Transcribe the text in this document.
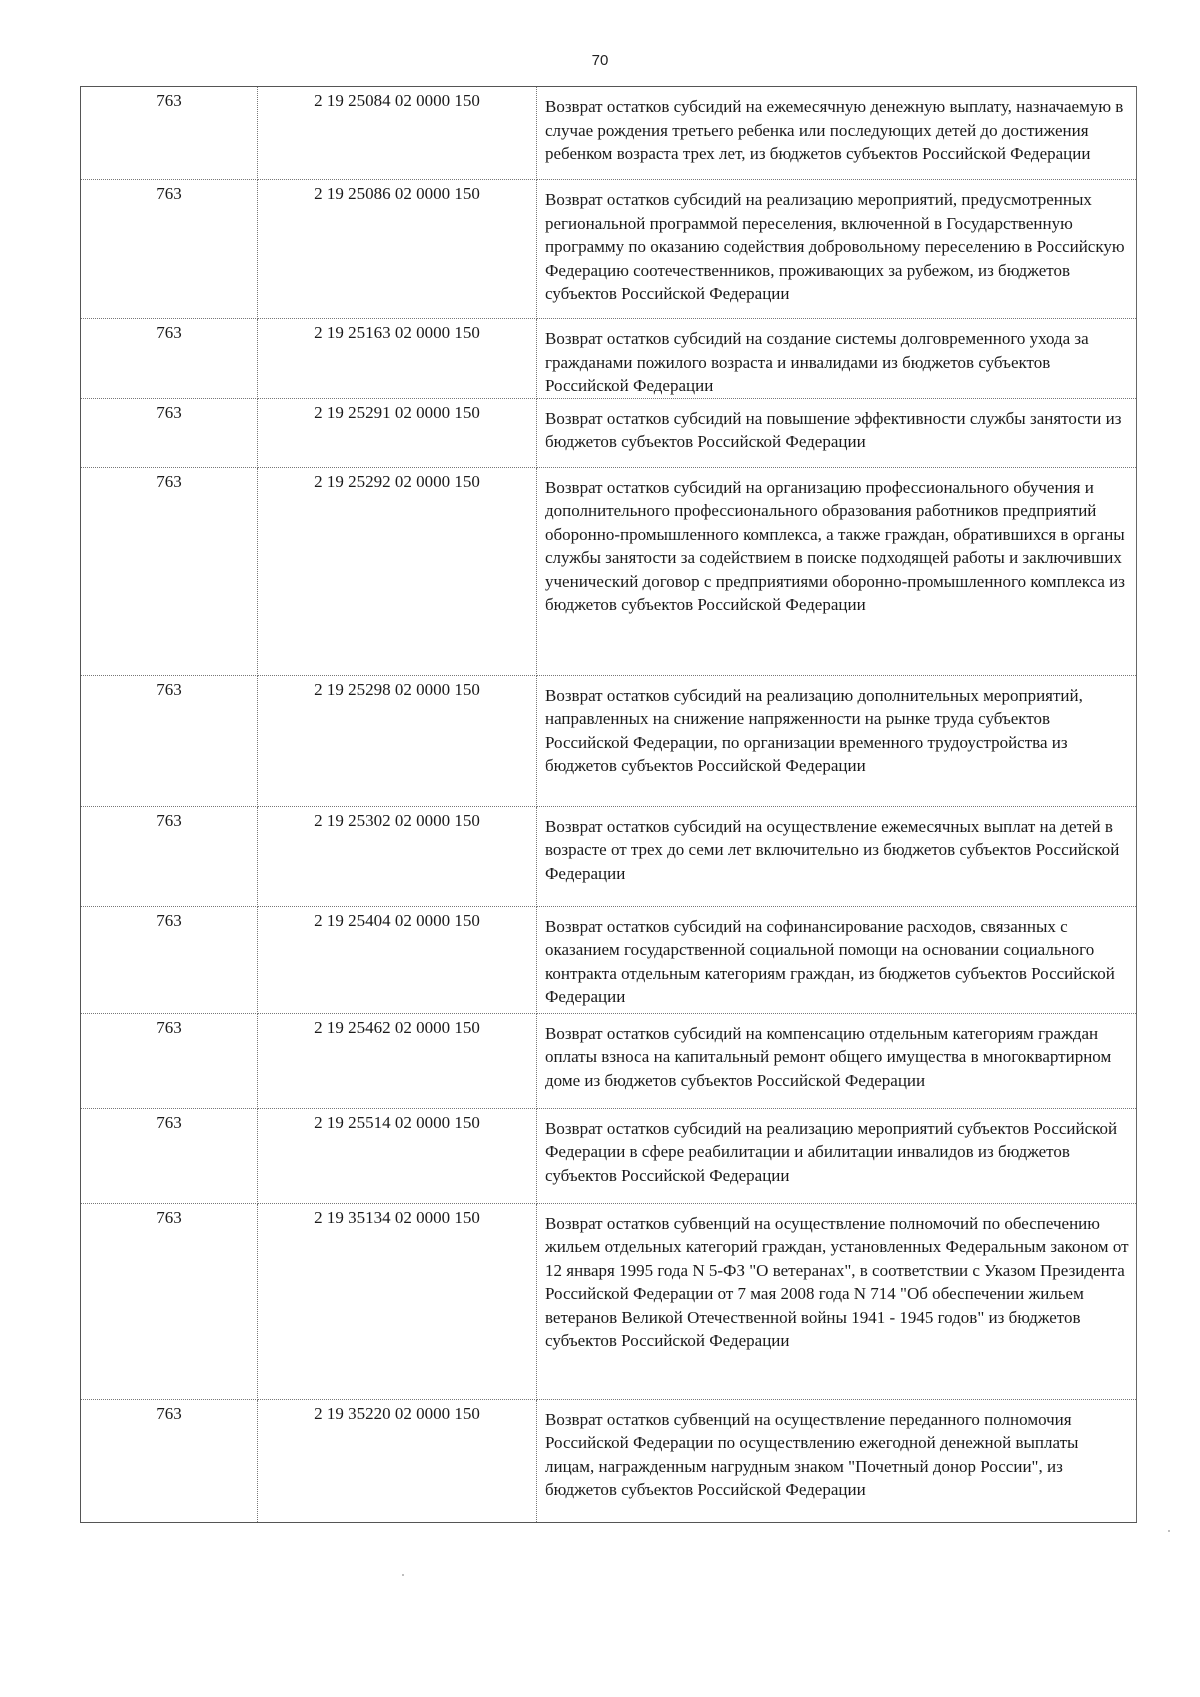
70
763	2 19 25084 02 0000 150	Возврат остатков субсидий на ежемесячную денежную выплату, назначаемую в случае рождения третьего ребенка или последующих детей до достижения ребенком возраста трех лет, из бюджетов субъектов Российской Федерации
763	2 19 25086 02 0000 150	Возврат остатков субсидий на реализацию мероприятий, предусмотренных региональной программой переселения, включенной в Государственную программу по оказанию содействия добровольному переселению в Российскую Федерацию соотечественников, проживающих за рубежом, из бюджетов субъектов Российской Федерации
763	2 19 25163 02 0000 150	Возврат остатков субсидий на создание системы долговременного ухода за гражданами пожилого возраста и инвалидами из бюджетов субъектов Российской Федерации
763	2 19 25291 02 0000 150	Возврат остатков субсидий на повышение эффективности службы занятости из бюджетов субъектов Российской Федерации
763	2 19 25292 02 0000 150	Возврат остатков субсидий на организацию профессионального обучения и дополнительного профессионального образования работников предприятий оборонно-промышленного комплекса, а также граждан, обратившихся в органы службы занятости за содействием в поиске подходящей работы и заключивших ученический договор с предприятиями оборонно-промышленного комплекса из бюджетов субъектов Российской Федерации
763	2 19 25298 02 0000 150	Возврат остатков субсидий на реализацию дополнительных мероприятий, направленных на снижение напряженности на рынке труда субъектов Российской Федерации, по организации временного трудоустройства из бюджетов субъектов Российской Федерации
763	2 19 25302 02 0000 150	Возврат остатков субсидий на осуществление ежемесячных выплат на детей в возрасте от трех до семи лет включительно из бюджетов субъектов Российской Федерации
763	2 19 25404 02 0000 150	Возврат остатков субсидий на софинансирование расходов, связанных с оказанием государственной социальной помощи на основании социального контракта отдельным категориям граждан, из бюджетов субъектов Российской Федерации
763	2 19 25462 02 0000 150	Возврат остатков субсидий на компенсацию отдельным категориям граждан оплаты взноса на капитальный ремонт общего имущества в многоквартирном доме из бюджетов субъектов Российской Федерации
763	2 19 25514 02 0000 150	Возврат остатков субсидий на реализацию мероприятий субъектов Российской Федерации в сфере реабилитации и абилитации инвалидов из бюджетов субъектов Российской Федерации
763	2 19 35134 02 0000 150	Возврат остатков субвенций на осуществление полномочий по обеспечению жильем отдельных категорий граждан, установленных Федеральным законом от 12 января 1995 года N 5-ФЗ "О ветеранах", в соответствии с Указом Президента Российской Федерации от 7 мая 2008 года N 714 "Об обеспечении жильем ветеранов Великой Отечественной войны 1941 - 1945 годов" из бюджетов субъектов Российской Федерации
763	2 19 35220 02 0000 150	Возврат остатков субвенций на осуществление переданного полномочия Российской Федерации по осуществлению ежегодной денежной выплаты лицам, награжденным нагрудным знаком "Почетный донор России", из бюджетов субъектов Российской Федерации
